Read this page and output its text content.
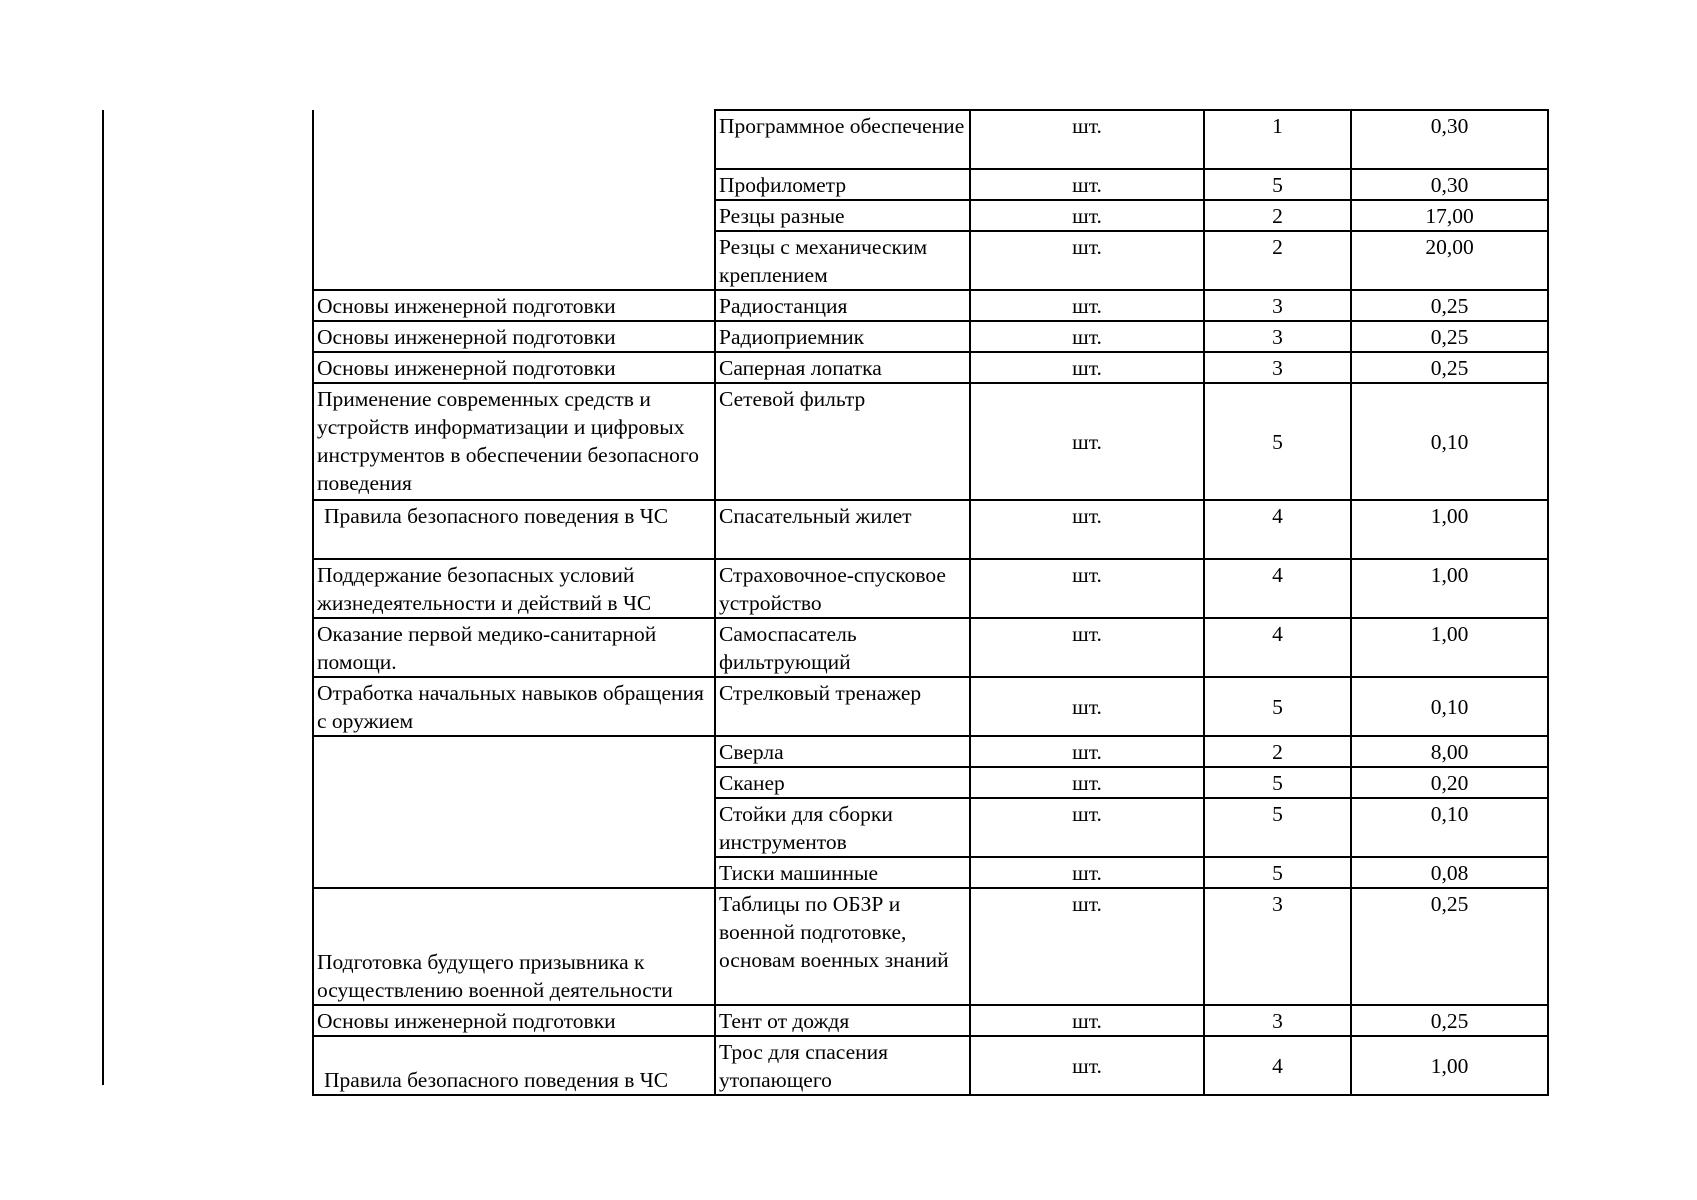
	Программное обеспечение	шт.	1	0,30
	Профилометр	шт.	5	0,30
	Резцы разные	шт.	2	17,00
	Резцы с механическим креплением	шт.	2	20,00
Основы инженерной подготовки	Радиостанция	шт.	3	0,25
Основы инженерной подготовки	Радиоприемник	шт.	3	0,25
Основы инженерной подготовки	Саперная лопатка	шт.	3	0,25
Применение современных средств и устройств информатизации и цифровых инструментов в обеспечении безопасного поведения	Сетевой фильтр	шт.	5	0,10
Правила безопасного поведения в ЧС	Спасательный жилет	шт.	4	1,00
Поддержание безопасных условий жизнедеятельности и действий в ЧС	Страховочное-спусковое устройство	шт.	4	1,00
Оказание первой медико-санитарной помощи.	Самоспасатель фильтрующий	шт.	4	1,00
Отработка начальных навыков обращения с оружием	Стрелковый тренажер	шт.	5	0,10
	Сверла	шт.	2	8,00
	Сканер	шт.	5	0,20
	Стойки для сборки инструментов	шт.	5	0,10
	Тиски машинные	шт.	5	0,08
Подготовка будущего призывника к осуществлению военной деятельности	Таблицы по ОБЗР и военной подготовке, основам военных знаний	шт.	3	0,25
Основы инженерной подготовки	Тент от дождя	шт.	3	0,25
Правила безопасного поведения в ЧС	Трос для спасения утопающего	шт.	4	1,00
